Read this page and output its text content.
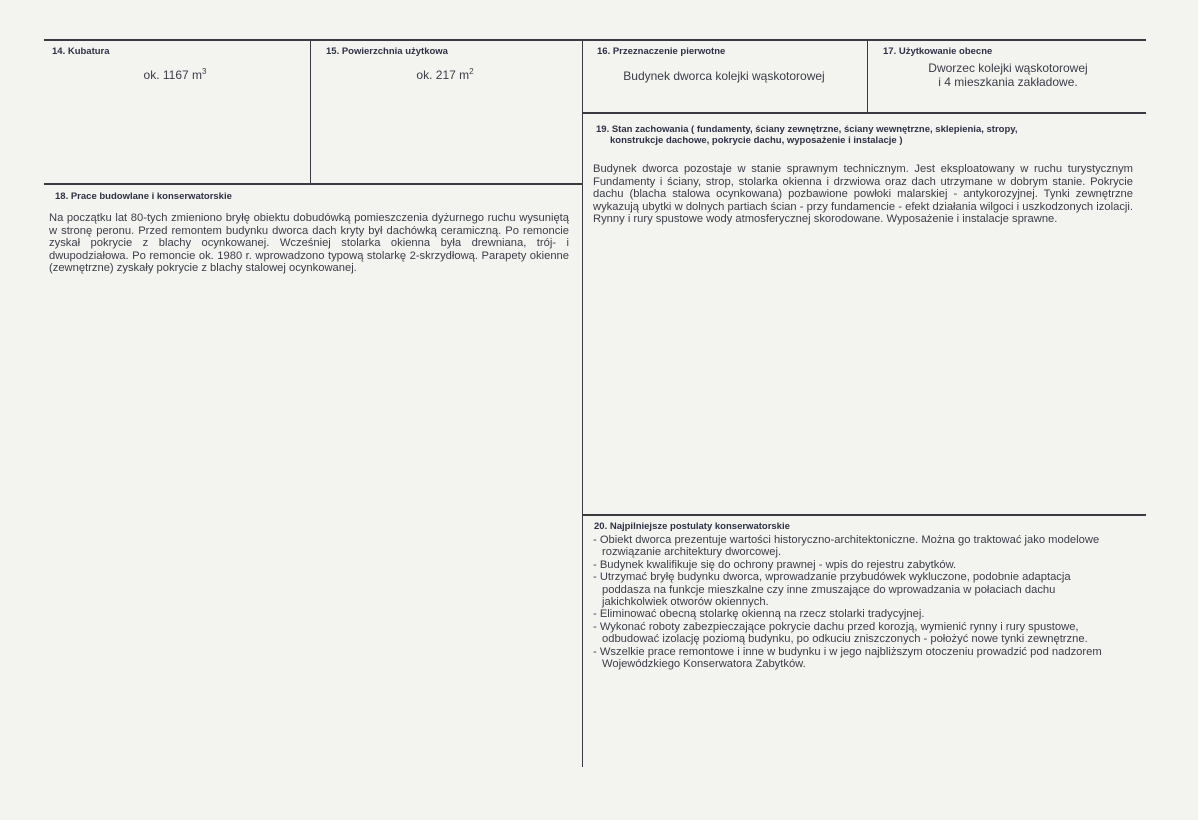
14. Kubatura
ok. 1167 $m^3$
15. Powierzchnia użytkowa
ok. 217 $m^2$
16. Przeznaczenie pierwotne
Budynek dworca kolejki wąskotorowej
17. Użytkowanie obecne
Dworzec kolejki wąskotorowej
i 4 mieszkania zakładowe.
18. Prace budowlane i konserwatorskie
Na początku lat 80-tych zmieniono bryłę obiektu dobudówką pomieszczenia dyżurnego ruchu wysuniętą w stronę peronu. Przed remontem budynku dworca dach kryty był dachówką ceramiczną. Po remoncie zyskał pokrycie z blachy ocynkowanej. Wcześniej stolarka okienna była drewniana, trój- i dwupodziałowa. Po remoncie ok. 1980 r. wprowadzono typową stolarkę 2-skrzydłową. Parapety okienne (zewnętrzne) zyskały pokrycie z blachy stalowej ocynkowanej.
19. Stan zachowania ( fundamenty, ściany zewnętrzne, ściany wewnętrzne, sklepienia, stropy,
konstrukcje dachowe, pokrycie dachu, wyposażenie i instalacje )
Budynek dworca pozostaje w stanie sprawnym technicznym. Jest eksploatowany w ruchu turystycznym Fundamenty i ściany, strop, stolarka okienna i drzwiowa oraz dach utrzymane w dobrym stanie. Pokrycie dachu (blacha stalowa ocynkowana) pozbawione powłoki malarskiej - antykorozyjnej. Tynki zewnętrzne wykazują ubytki w dolnych partiach ścian - przy fundamencie - efekt działania wilgoci i uszkodzonych izolacji. Rynny i rury spustowe wody atmosferycznej skorodowane. Wyposażenie i instalacje sprawne.
20. Najpilniejsze postulaty konserwatorskie
- Obiekt dworca prezentuje wartości historyczno-architektoniczne. Można go traktować jako modelowe rozwiązanie architektury dworcowej.
- Budynek kwalifikuje się do ochrony prawnej - wpis do rejestru zabytków.
- Utrzymać bryłę budynku dworca, wprowadzanie przybudówek wykluczone, podobnie adaptacja poddasza na funkcje mieszkalne czy inne zmuszające do wprowadzania w połaciach dachu jakichkolwiek otworów okiennych.
- Eliminować obecną stolarkę okienną na rzecz stolarki tradycyjnej.
- Wykonać roboty zabezpieczające pokrycie dachu przed korozją, wymienić rynny i rury spustowe, odbudować izolację poziomą budynku, po odkuciu zniszczonych - położyć nowe tynki zewnętrzne.
- Wszelkie prace remontowe i inne w budynku i w jego najbliższym otoczeniu prowadzić pod nadzorem Wojewódzkiego Konserwatora Zabytków.
